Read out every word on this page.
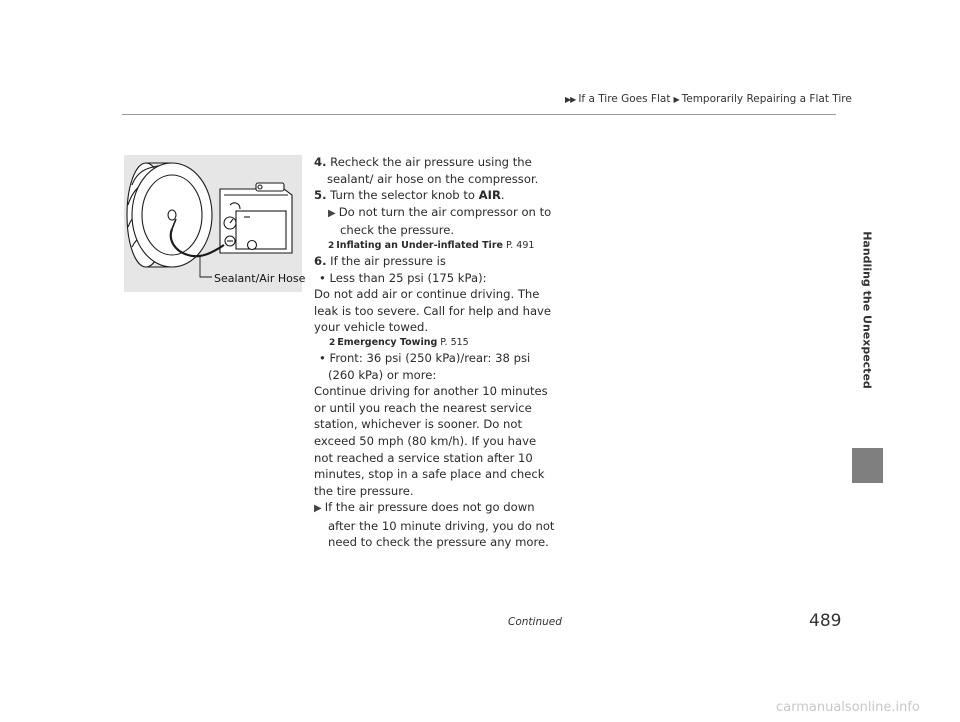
▶▶ If a Tire Goes Flat ▶ Temporarily Repairing a Flat Tire
Handling the Unexpected
Sealant/Air Hose

4. Recheck the air pressure using the sealant/ air hose on the compressor.

5. Turn the selector knob to AIR.

▶ Do not turn the air compressor on to check the pressure.

2 Inflating an Under-inflated Tire P. 491

6. If the air pressure is

• Less than 25 psi (175 kPa):

Do not add air or continue driving. The leak is too severe. Call for help and have your vehicle towed.

2 Emergency Towing P. 515

• Front: 36 psi (250 kPa)/rear: 38 psi (260 kPa) or more:

Continue driving for another 10 minutes or until you reach the nearest service station, whichever is sooner. Do not exceed 50 mph (80 km/h). If you have not reached a service station after 10 minutes, stop in a safe place and check the tire pressure.

▶ If the air pressure does not go down after the 10 minute driving, you do not need to check the pressure any more.

Continued	489
carmanualsonline.info
